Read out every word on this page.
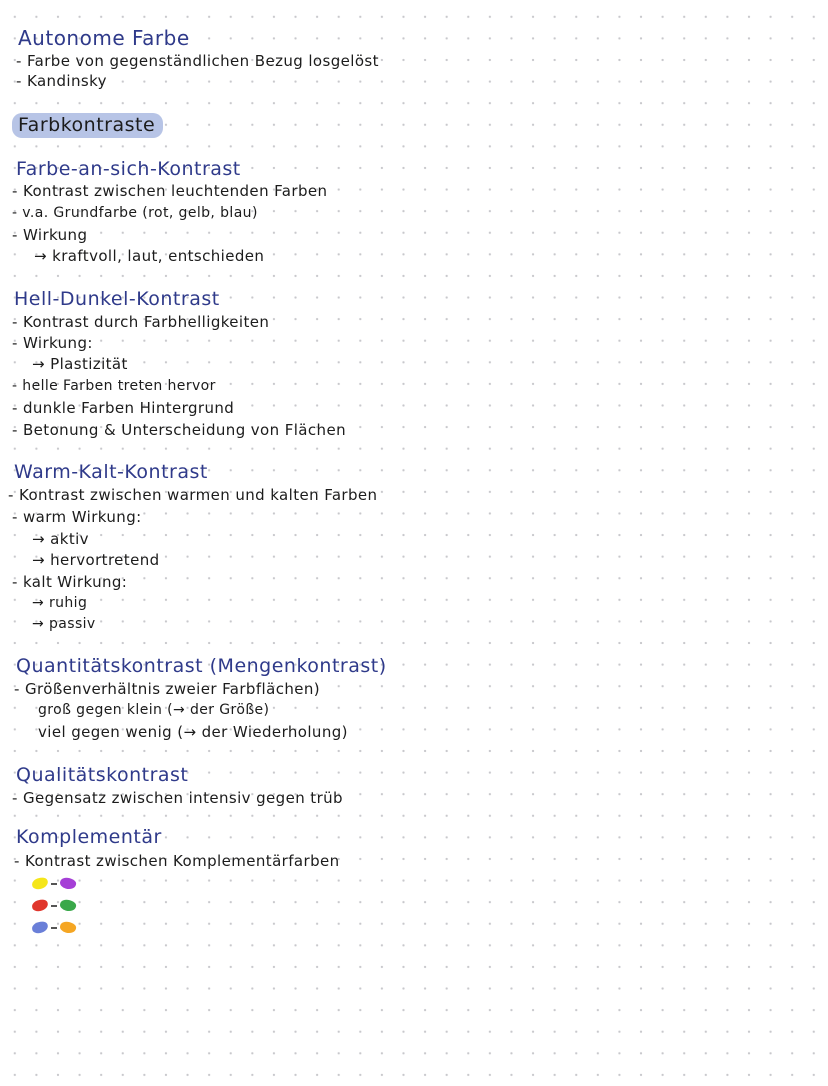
Autonome Farbe
- Farbe von gegenständlichen Bezug losgelöst
- Kandinsky
Farbkontraste
Farbe-an-sich-Kontrast
- Kontrast zwischen leuchtenden Farben
- v.a. Grundfarbe (rot, gelb, blau)
- Wirkung
→ kraftvoll, laut, entschieden
Hell-Dunkel-Kontrast
- Kontrast durch Farbhelligkeiten
- Wirkung:
→ Plastizität
- helle Farben treten hervor
- dunkle Farben Hintergrund
- Betonung & Unterscheidung von Flächen
Warm-Kalt-Kontrast
- Kontrast zwischen warmen und kalten Farben
- warm Wirkung:
→ aktiv
→ hervortretend
- kalt Wirkung:
→ ruhig
→ passiv
Quantitätskontrast (Mengenkontrast)
- Größenverhältnis zweier Farbflächen)
groß gegen klein (→ der Größe)
viel gegen wenig (→ der Wiederholung)
Qualitätskontrast
- Gegensatz zwischen intensiv gegen trüb
Komplementär
- Kontrast zwischen Komplementärfarben
